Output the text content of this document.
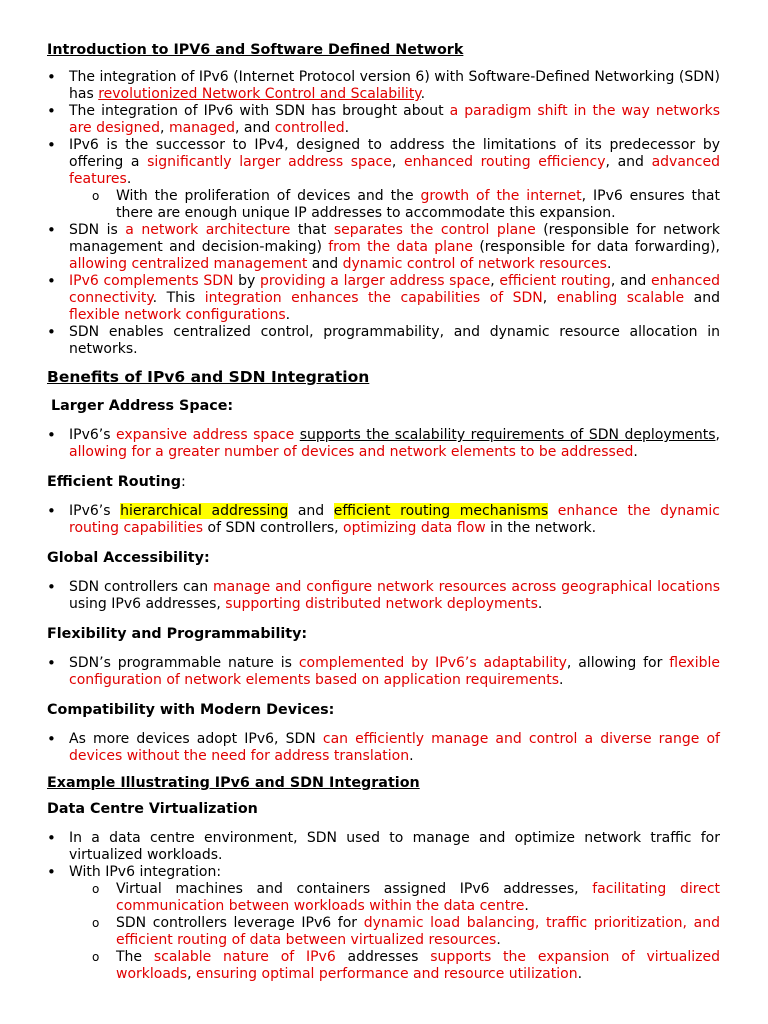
Introduction to IPV6 and Software Defined Network
• The integration of IPv6 (Internet Protocol version 6) with Software-Defined Networking (SDN) has revolutionized Network Control and Scalability.
• The integration of IPv6 with SDN has brought about a paradigm shift in the way networks are designed, managed, and controlled.
• IPv6 is the successor to IPv4, designed to address the limitations of its predecessor by offering a significantly larger address space, enhanced routing efficiency, and advanced features.
o With the proliferation of devices and the growth of the internet, IPv6 ensures that there are enough unique IP addresses to accommodate this expansion.
• SDN is a network architecture that separates the control plane (responsible for network management and decision-making) from the data plane (responsible for data forwarding), allowing centralized management and dynamic control of network resources.
• IPv6 complements SDN by providing a larger address space, efficient routing, and enhanced connectivity. This integration enhances the capabilities of SDN, enabling scalable and flexible network configurations.
• SDN enables centralized control, programmability, and dynamic resource allocation in networks.
Benefits of IPv6 and SDN Integration
Larger Address Space:
• IPv6’s expansive address space supports the scalability requirements of SDN deployments, allowing for a greater number of devices and network elements to be addressed.
Efficient Routing:
• IPv6’s hierarchical addressing and efficient routing mechanisms enhance the dynamic routing capabilities of SDN controllers, optimizing data flow in the network.
Global Accessibility:
• SDN controllers can manage and configure network resources across geographical locations using IPv6 addresses, supporting distributed network deployments.
Flexibility and Programmability:
• SDN’s programmable nature is complemented by IPv6’s adaptability, allowing for flexible configuration of network elements based on application requirements.
Compatibility with Modern Devices:
• As more devices adopt IPv6, SDN can efficiently manage and control a diverse range of devices without the need for address translation.
Example Illustrating IPv6 and SDN Integration
Data Centre Virtualization
• In a data centre environment, SDN used to manage and optimize network traffic for virtualized workloads.
• With IPv6 integration:
o Virtual machines and containers assigned IPv6 addresses, facilitating direct communication between workloads within the data centre.
o SDN controllers leverage IPv6 for dynamic load balancing, traffic prioritization, and efficient routing of data between virtualized resources.
o The scalable nature of IPv6 addresses supports the expansion of virtualized workloads, ensuring optimal performance and resource utilization.
